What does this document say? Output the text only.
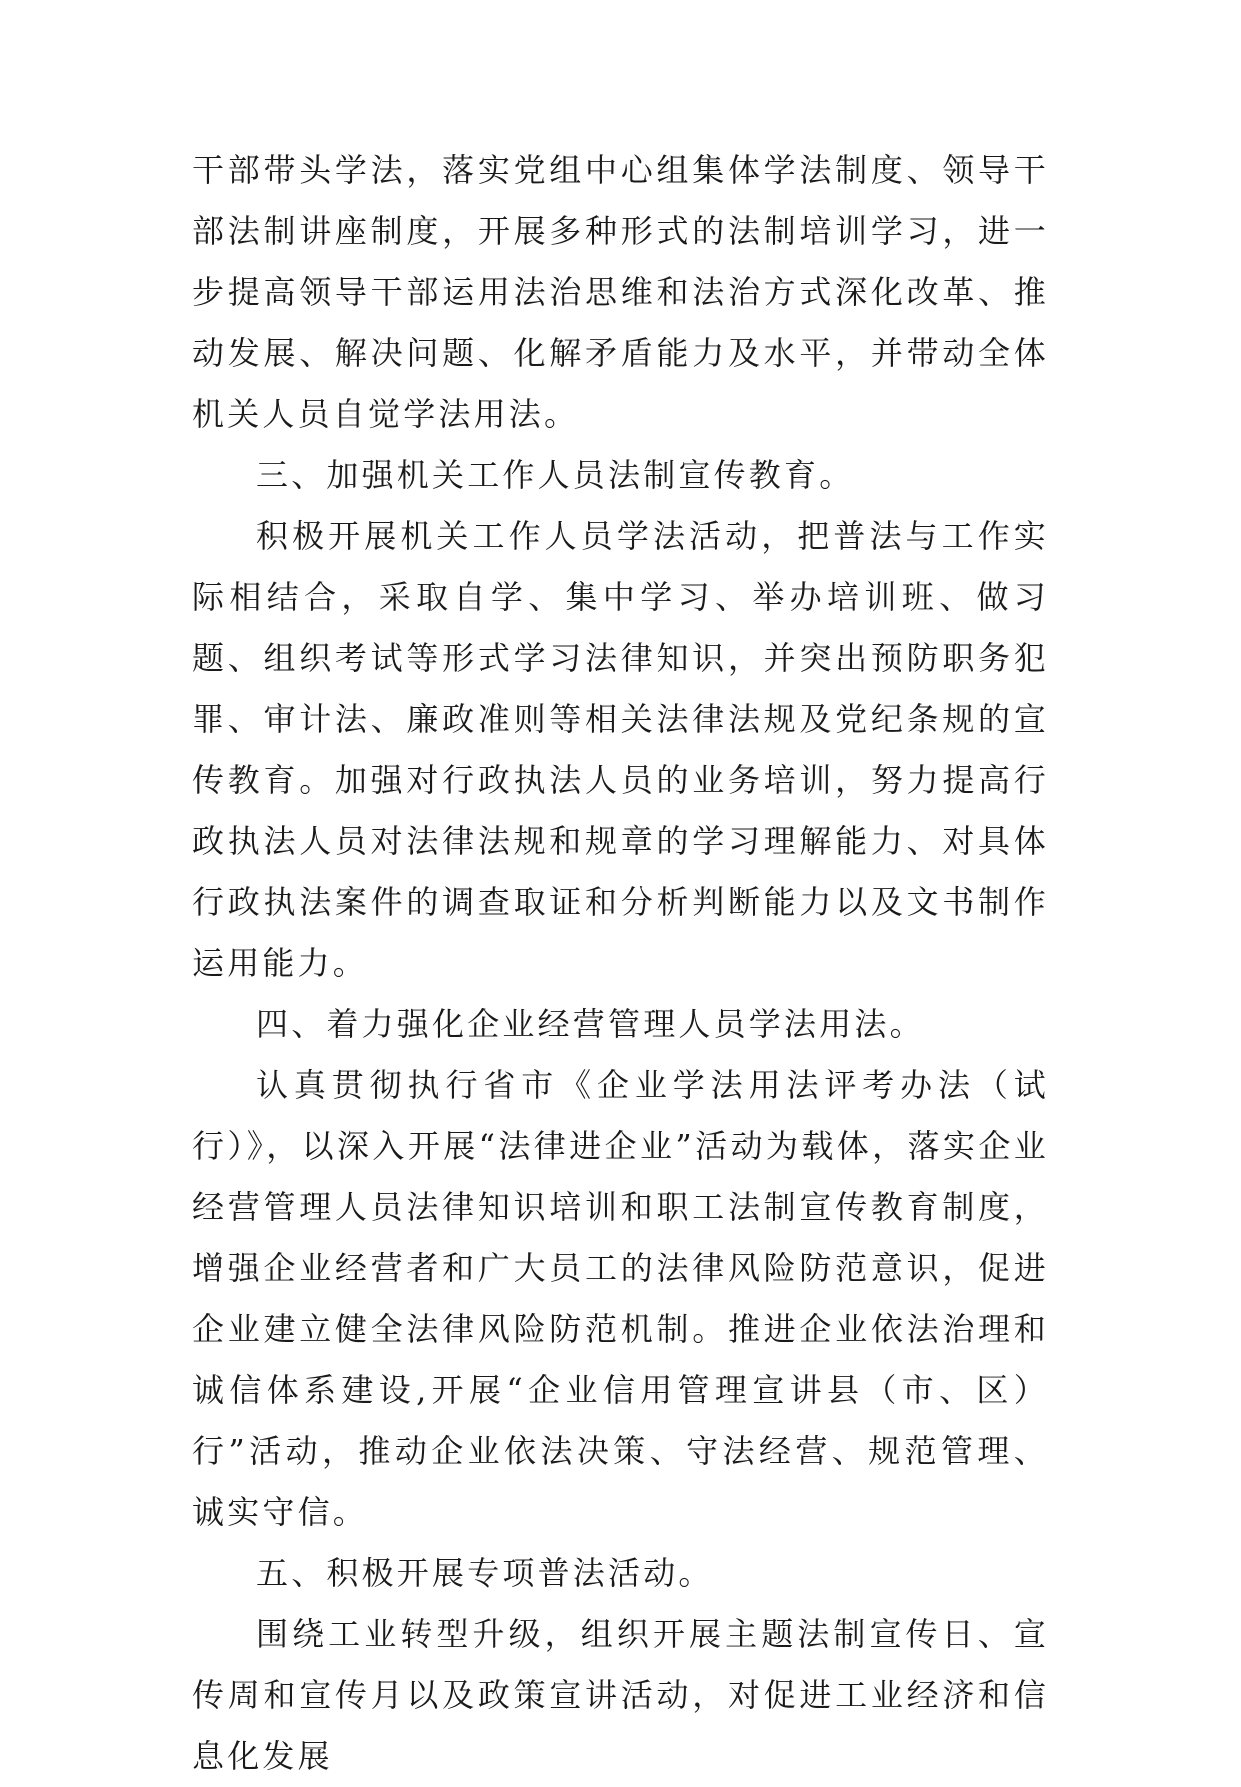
干部带头学法，落实党组中心组集体学法制度、领导干部法制讲座制度，开展多种形式的法制培训学习，进一步提高领导干部运用法治思维和法治方式深化改革、推动发展、解决问题、化解矛盾能力及水平，并带动全体机关人员自觉学法用法。

三、加强机关工作人员法制宣传教育。

积极开展机关工作人员学法活动，把普法与工作实际相结合，采取自学、集中学习、举办培训班、做习题、组织考试等形式学习法律知识，并突出预防职务犯罪、审计法、廉政准则等相关法律法规及党纪条规的宣传教育。加强对行政执法人员的业务培训，努力提高行政执法人员对法律法规和规章的学习理解能力、对具体行政执法案件的调查取证和分析判断能力以及文书制作运用能力。

四、着力强化企业经营管理人员学法用法。

认真贯彻执行省市《企业学法用法评考办法（试行）》，以深入开展“法律进企业”活动为载体，落实企业经营管理人员法律知识培训和职工法制宣传教育制度，增强企业经营者和广大员工的法律风险防范意识，促进企业建立健全法律风险防范机制。推进企业依法治理和诚信体系建设,开展“企业信用管理宣讲县（市、区）行”活动，推动企业依法决策、守法经营、规范管理、诚实守信。

五、积极开展专项普法活动。

围绕工业转型升级，组织开展主题法制宣传日、宣传周和宣传月以及政策宣讲活动，对促进工业经济和信息化发展
